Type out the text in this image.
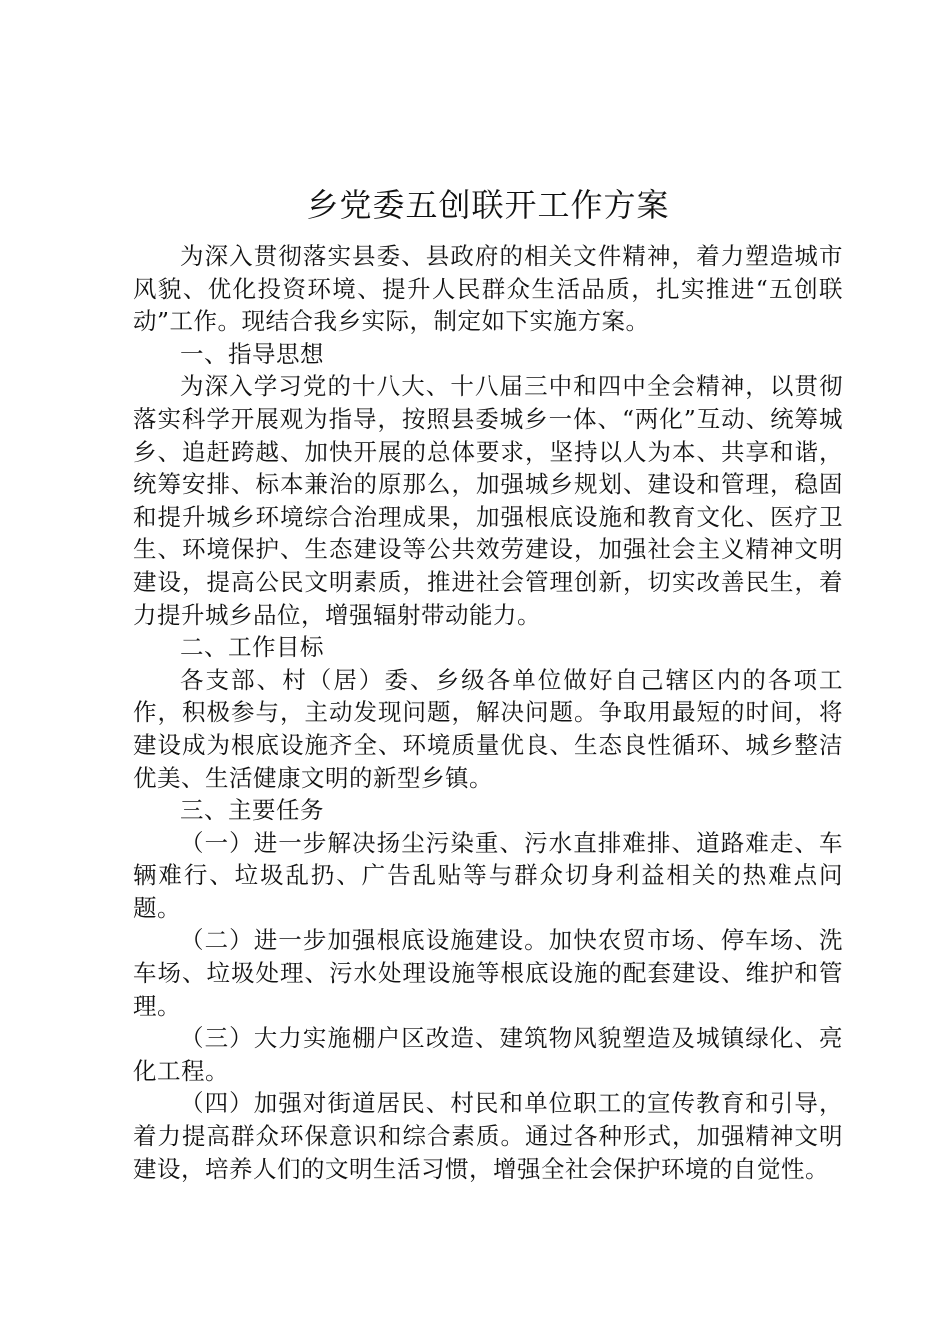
乡党委五创联开工作方案

为深入贯彻落实县委、县政府的相关文件精神，着力塑造城市风貌、优化投资环境、提升人民群众生活品质，扎实推进“五创联动”工作。现结合我乡实际，制定如下实施方案。

一、指导思想

为深入学习党的十八大、十八届三中和四中全会精神，以贯彻落实科学开展观为指导，按照县委城乡一体、“两化”互动、统筹城乡、追赶跨越、加快开展的总体要求，坚持以人为本、共享和谐，统筹安排、标本兼治的原那么，加强城乡规划、建设和管理，稳固和提升城乡环境综合治理成果，加强根底设施和教育文化、医疗卫生、环境保护、生态建设等公共效劳建设，加强社会主义精神文明建设，提高公民文明素质，推进社会管理创新，切实改善民生，着力提升城乡品位，增强辐射带动能力。

二、工作目标

各支部、村（居）委、乡级各单位做好自己辖区内的各项工作，积极参与，主动发现问题，解决问题。争取用最短的时间，将建设成为根底设施齐全、环境质量优良、生态良性循环、城乡整洁优美、生活健康文明的新型乡镇。

三、主要任务

（一）进一步解决扬尘污染重、污水直排难排、道路难走、车辆难行、垃圾乱扔、广告乱贴等与群众切身利益相关的热难点问题。

（二）进一步加强根底设施建设。加快农贸市场、停车场、洗车场、垃圾处理、污水处理设施等根底设施的配套建设、维护和管理。

（三）大力实施棚户区改造、建筑物风貌塑造及城镇绿化、亮化工程。

（四）加强对街道居民、村民和单位职工的宣传教育和引导，着力提高群众环保意识和综合素质。通过各种形式，加强精神文明建设，培养人们的文明生活习惯，增强全社会保护环境的自觉性。
